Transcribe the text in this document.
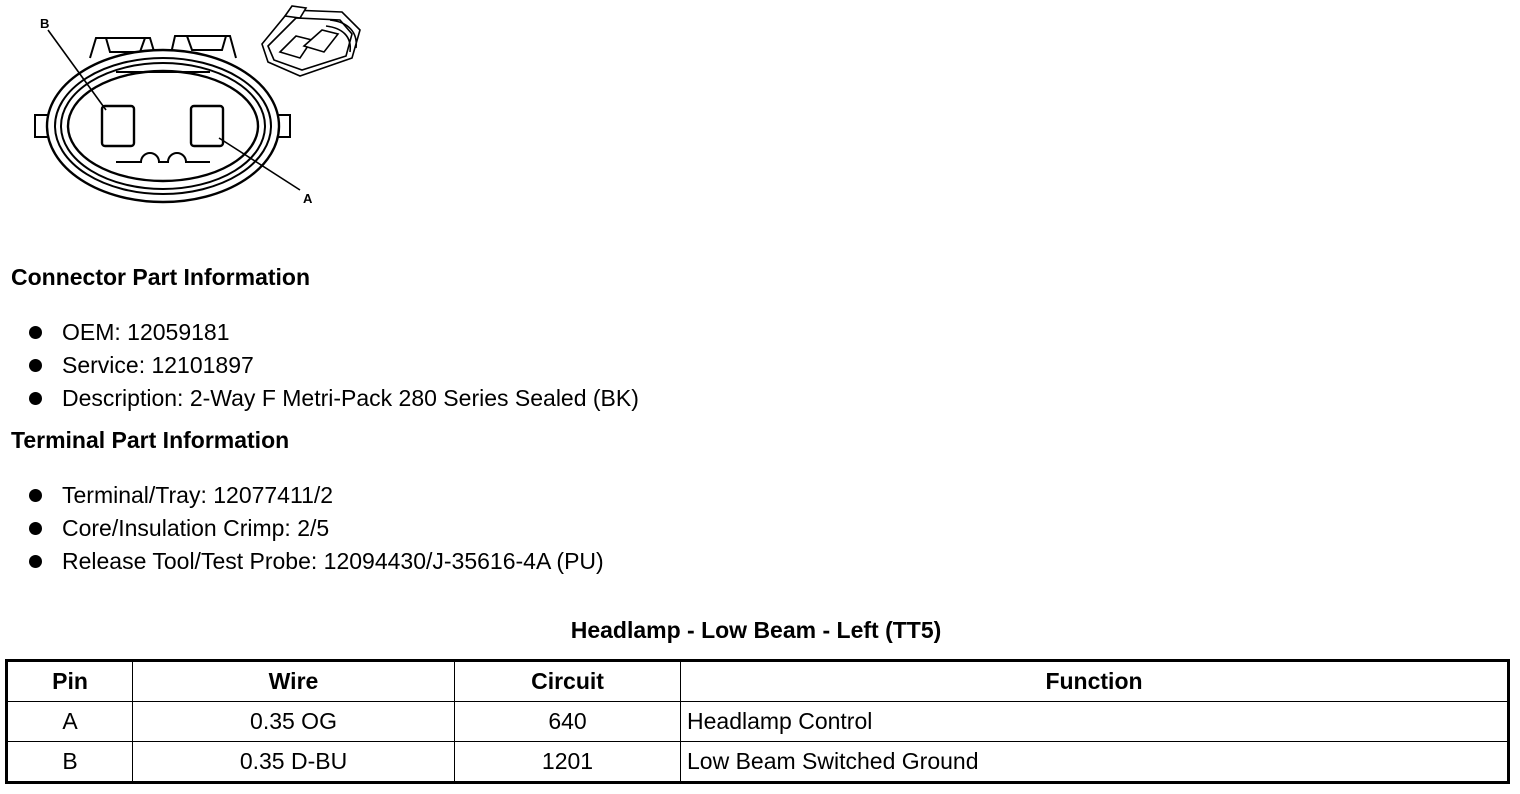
B
A
Connector Part Information
OEM: 12059181
Service: 12101897
Description: 2-Way F Metri-Pack 280 Series Sealed (BK)
Terminal Part Information
Terminal/Tray: 12077411/2
Core/Insulation Crimp: 2/5
Release Tool/Test Probe: 12094430/J-35616-4A (PU)
Headlamp - Low Beam - Left (TT5)
Pin	Wire	Circuit	Function
A	0.35 OG	640	Headlamp Control
B	0.35 D-BU	1201	Low Beam Switched Ground
